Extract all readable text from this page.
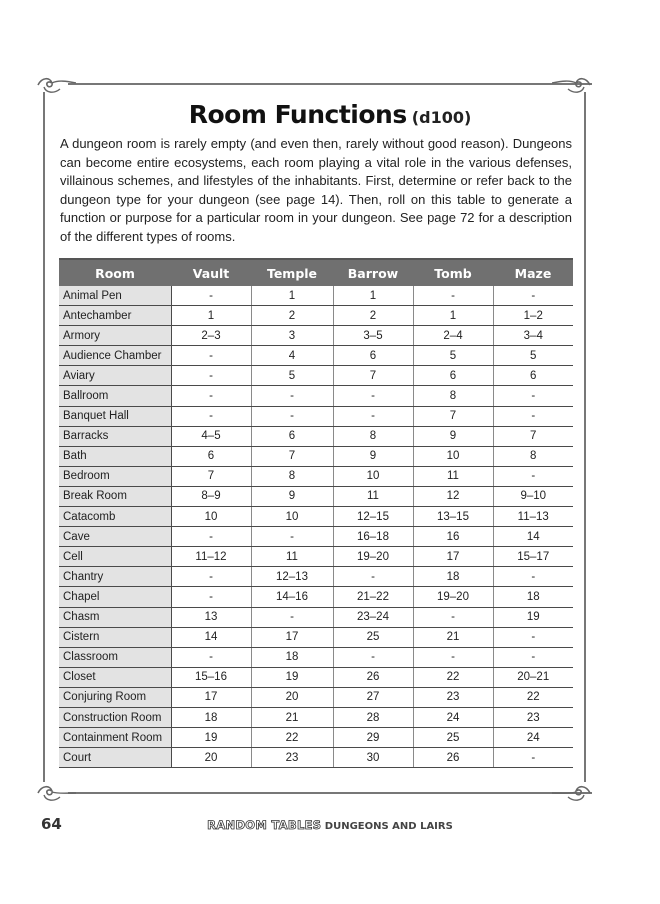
Room Functions (d100)

A dungeon room is rarely empty (and even then, rarely without good reason). Dungeons can become entire ecosystems, each room playing a vital role in the various defenses, villainous schemes, and lifestyles of the inhabitants. First, determine or refer back to the dungeon type for your dungeon (see page 14). Then, roll on this table to generate a function or purpose for a particular room in your dungeon. See page 72 for a description of the different types of rooms.

Room	Vault	Temple	Barrow	Tomb	Maze
Animal Pen	-	1	1	-	-
Antechamber	1	2	2	1	1–2
Armory	2–3	3	3–5	2–4	3–4
Audience Chamber	-	4	6	5	5
Aviary	-	5	7	6	6
Ballroom	-	-	-	8	-
Banquet Hall	-	-	-	7	-
Barracks	4–5	6	8	9	7
Bath	6	7	9	10	8
Bedroom	7	8	10	11	-
Break Room	8–9	9	11	12	9–10
Catacomb	10	10	12–15	13–15	11–13
Cave	-	-	16–18	16	14
Cell	11–12	11	19–20	17	15–17
Chantry	-	12–13	-	18	-
Chapel	-	14–16	21–22	19–20	18
Chasm	13	-	23–24	-	19
Cistern	14	17	25	21	-
Classroom	-	18	-	-	-
Closet	15–16	19	26	22	20–21
Conjuring Room	17	20	27	23	22
Construction Room	18	21	28	24	23
Containment Room	19	22	29	25	24
Court	20	23	30	26	-
64	RANDOM TABLES DUNGEONS AND LAIRS
